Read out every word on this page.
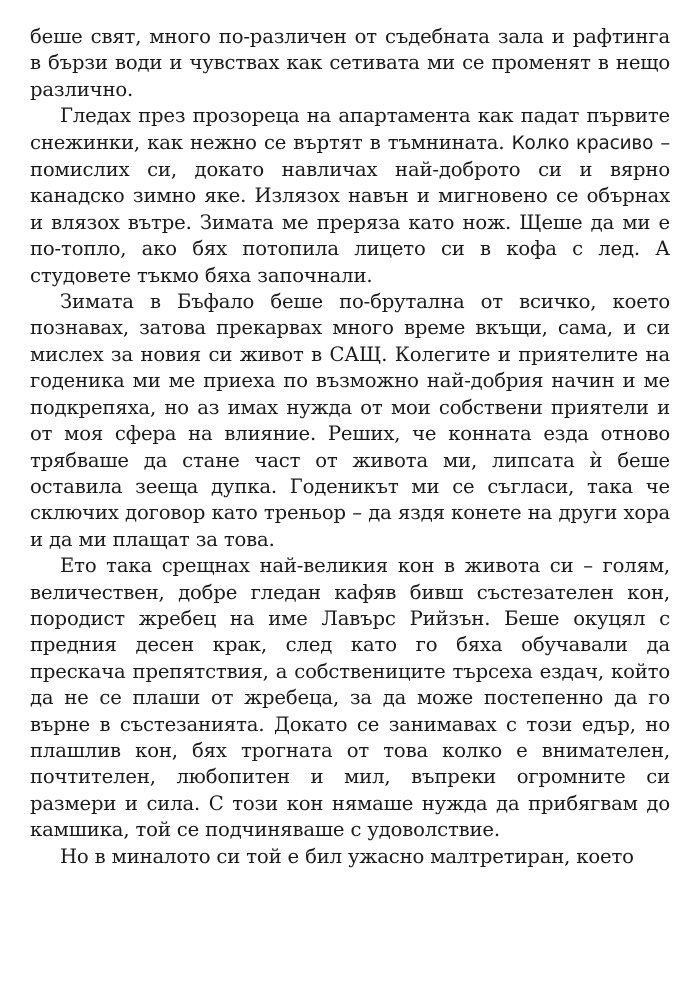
беше свят, много по-различен от съдебната зала и рафтинга в бързи води и чувствах как сетивата ми се променят в нещо различно.

Гледах през прозореца на апартамента как падат първите снежинки, как нежно се въртят в тъмнината. Колко красиво – помислих си, докато навличах най-доброто си и вярно канадско зимно яке. Излязох навън и мигновено се обърнах и влязох вътре. Зимата ме преряза като нож. Щеше да ми е по-топло, ако бях потопила лицето си в кофа с лед. А студовете тъкмо бяха започнали.

Зимата в Бъфало беше по-брутална от всичко, което познавах, затова прекарвах много време вкъщи, сама, и си мислех за новия си живот в САЩ. Колегите и приятелите на годеника ми ме приеха по възможно най-добрия начин и ме подкрепяха, но аз имах нужда от мои собствени приятели и от моя сфера на влияние. Реших, че конната езда отново трябваше да стане част от живота ми, липсата ѝ беше оставила зееща дупка. Годеникът ми се съгласи, така че сключих договор като треньор – да яздя конете на други хора и да ми плащат за това.

Ето така срещнах най-великия кон в живота си – голям, величествен, добре гледан кафяв бивш състезателен кон, породист жребец на име Лавърс Рийзън. Беше окуцял с предния десен крак, след като го бяха обучавали да прескача препятствия, а собствениците търсеха ездач, който да не се плаши от жребеца, за да може постепенно да го върне в състезанията. Докато се занимавах с този едър, но плашлив кон, бях трогната от това колко е внимателен, почтителен, любопитен и мил, въпреки огромните си размери и сила. С този кон нямаше нужда да прибягвам до камшика, той се подчиняваше с удоволствие.

Но в миналото си той е бил ужасно малтретиран, което
